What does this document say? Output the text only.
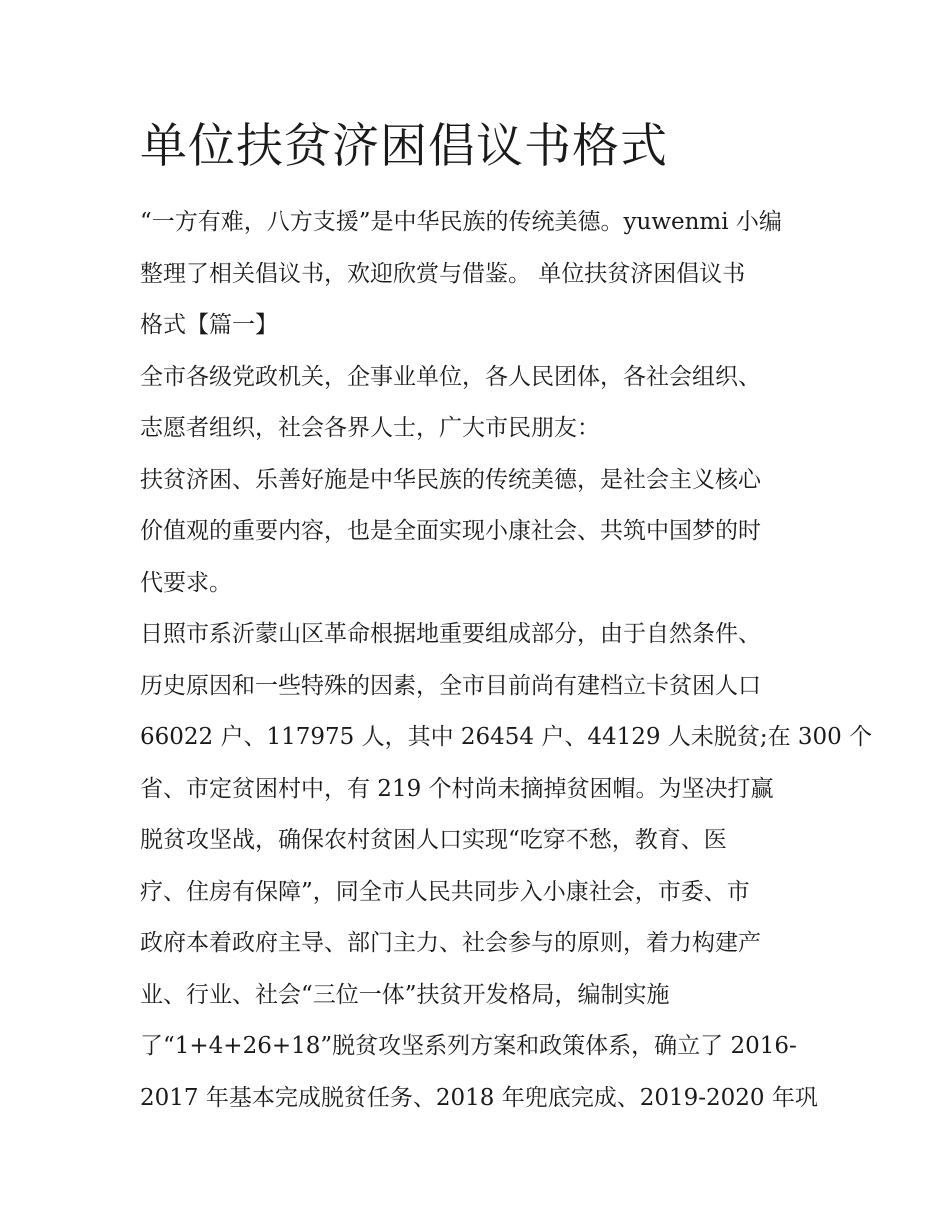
单位扶贫济困倡议书格式
“一方有难，八方支援”是中华民族的传统美德。yuwenmi 小编
整理了相关倡议书，欢迎欣赏与借鉴。 单位扶贫济困倡议书
格式【篇一】
全市各级党政机关，企事业单位，各人民团体，各社会组织、
志愿者组织，社会各界人士，广大市民朋友：
扶贫济困、乐善好施是中华民族的传统美德，是社会主义核心
价值观的重要内容，也是全面实现小康社会、共筑中国梦的时
代要求。
日照市系沂蒙山区革命根据地重要组成部分，由于自然条件、
历史原因和一些特殊的因素，全市目前尚有建档立卡贫困人口
66022 户、117975 人，其中 26454 户、44129 人未脱贫;在 300 个
省、市定贫困村中，有 219 个村尚未摘掉贫困帽。为坚决打赢
脱贫攻坚战，确保农村贫困人口实现“吃穿不愁，教育、医
疗、住房有保障”，同全市人民共同步入小康社会，市委、市
政府本着政府主导、部门主力、社会参与的原则，着力构建产
业、行业、社会“三位一体”扶贫开发格局，编制实施
了“1+4+26+18”脱贫攻坚系列方案和政策体系，确立了 2016-
2017 年基本完成脱贫任务、2018 年兜底完成、2019-2020 年巩
